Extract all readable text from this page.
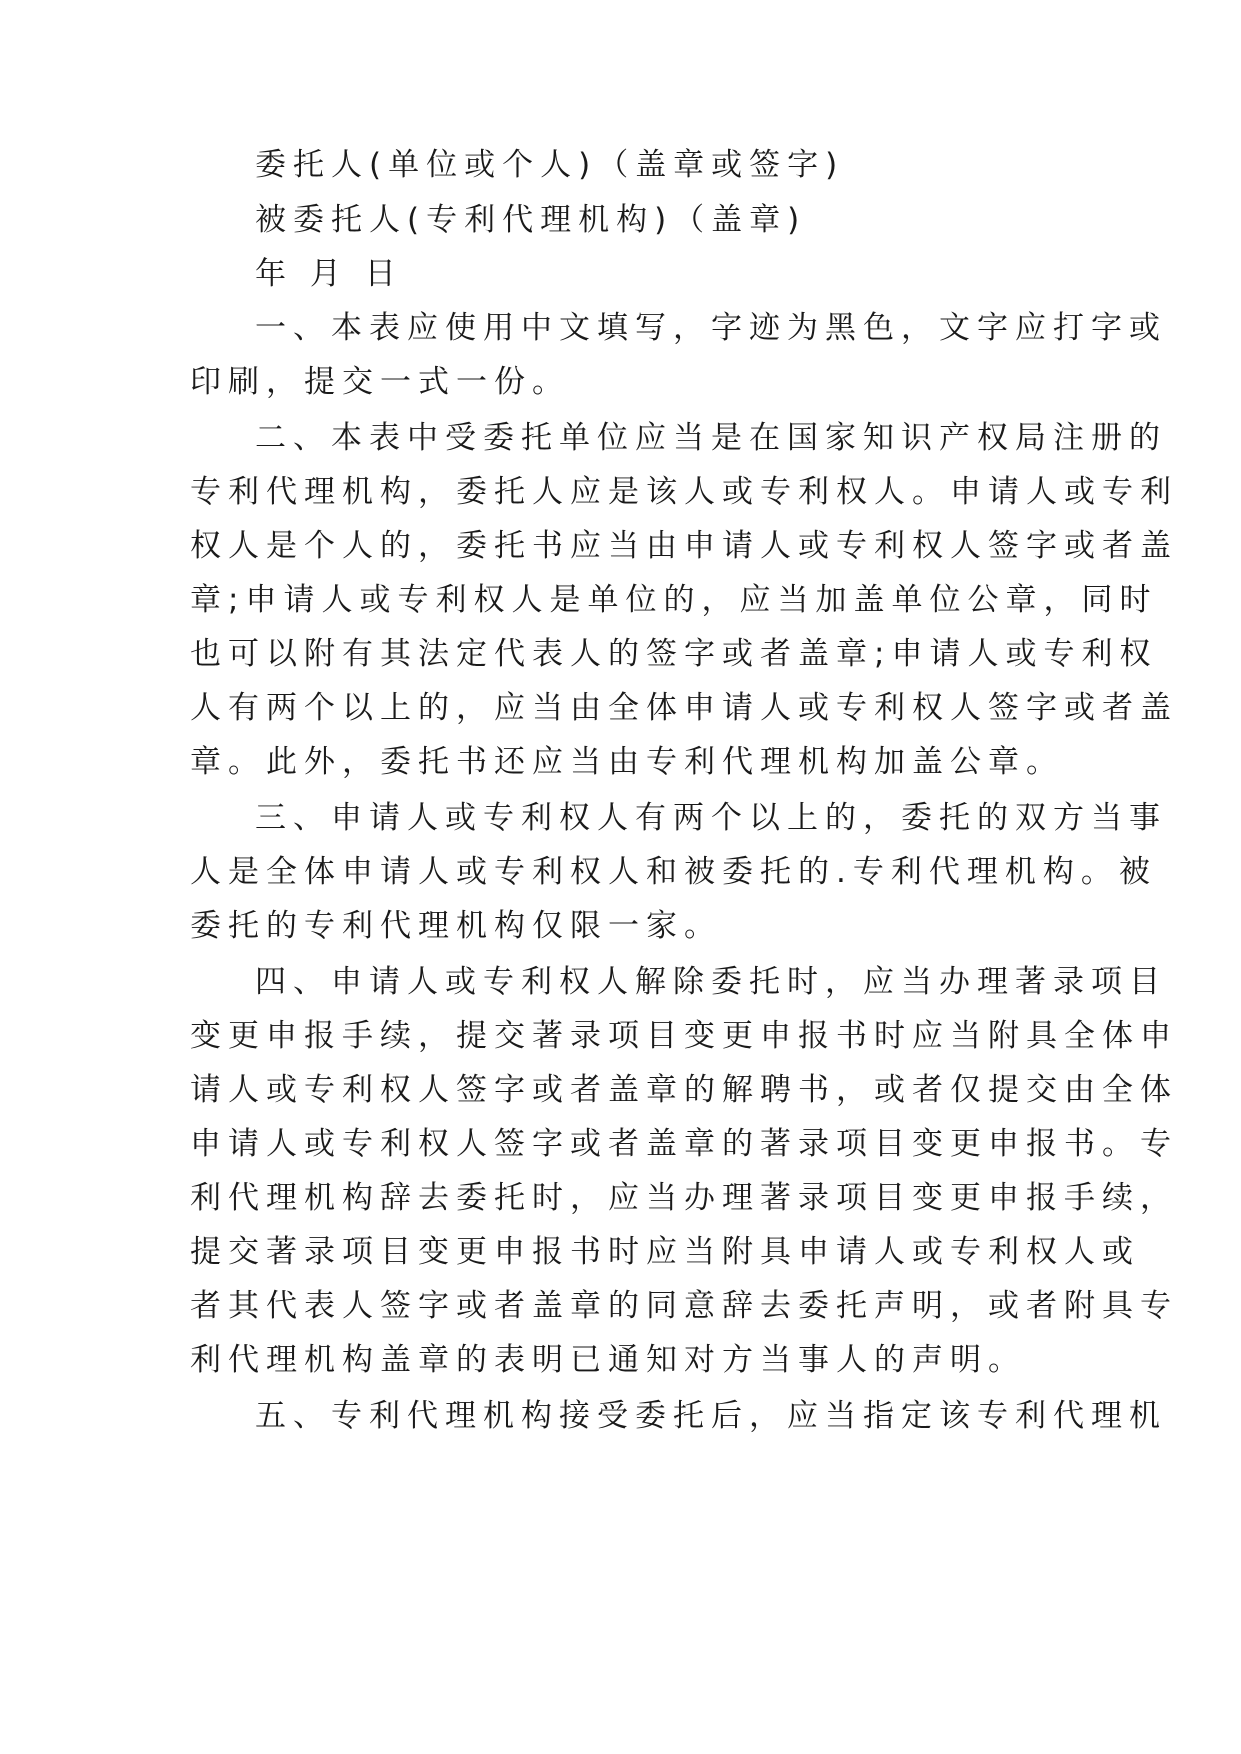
委托人(单位或个人)（盖章或签字)
被委托人(专利代理机构)（盖章)
年 月 日
一、本表应使用中文填写，字迹为黑色，文字应打字或
印刷，提交一式一份。
二、本表中受委托单位应当是在国家知识产权局注册的
专利代理机构，委托人应是该人或专利权人。申请人或专利
权人是个人的，委托书应当由申请人或专利权人签字或者盖
章;申请人或专利权人是单位的，应当加盖单位公章，同时
也可以附有其法定代表人的签字或者盖章;申请人或专利权
人有两个以上的，应当由全体申请人或专利权人签字或者盖
章。此外，委托书还应当由专利代理机构加盖公章。
三、申请人或专利权人有两个以上的，委托的双方当事
人是全体申请人或专利权人和被委托的.专利代理机构。被
委托的专利代理机构仅限一家。
四、申请人或专利权人解除委托时，应当办理著录项目
变更申报手续，提交著录项目变更申报书时应当附具全体申
请人或专利权人签字或者盖章的解聘书，或者仅提交由全体
申请人或专利权人签字或者盖章的著录项目变更申报书。专
利代理机构辞去委托时，应当办理著录项目变更申报手续，
提交著录项目变更申报书时应当附具申请人或专利权人或
者其代表人签字或者盖章的同意辞去委托声明，或者附具专
利代理机构盖章的表明已通知对方当事人的声明。
五、专利代理机构接受委托后，应当指定该专利代理机
